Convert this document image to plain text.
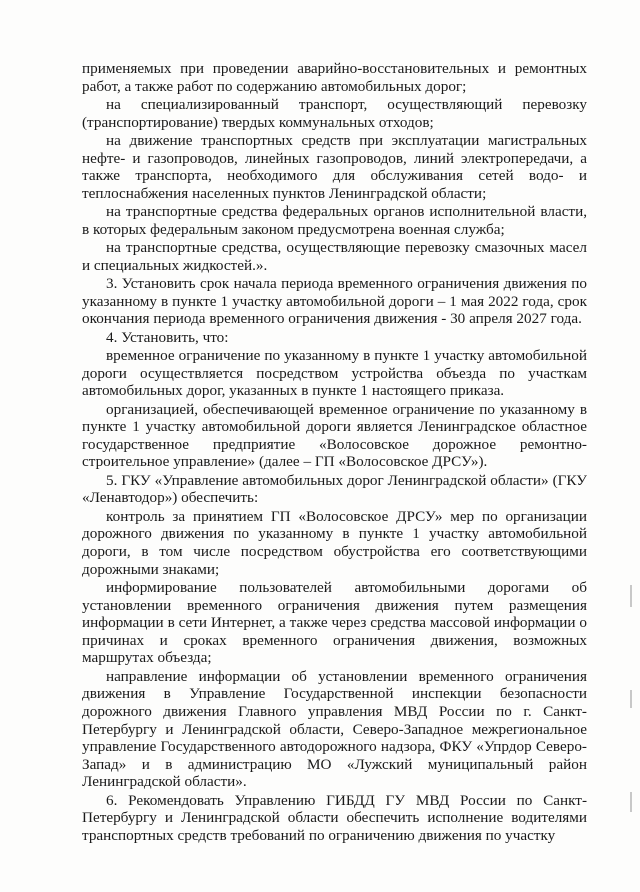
применяемых при проведении аварийно-восстановительных и ремонтных работ, а также работ по содержанию автомобильных дорог;

на специализированный транспорт, осуществляющий перевозку (транспортирование) твердых коммунальных отходов;

на движение транспортных средств при эксплуатации магистральных нефте- и газопроводов, линейных газопроводов, линий электропередачи, а также транспорта, необходимого для обслуживания сетей водо- и теплоснабжения населенных пунктов Ленинградской области;

на транспортные средства федеральных органов исполнительной власти, в которых федеральным законом предусмотрена военная служба;

на транспортные средства, осуществляющие перевозку смазочных масел и специальных жидкостей.».

3. Установить срок начала периода временного ограничения движения по указанному в пункте 1 участку автомобильной дороги – 1 мая 2022 года, срок окончания периода временного ограничения движения - 30 апреля 2027 года.

4. Установить, что:

временное ограничение по указанному в пункте 1 участку автомобильной дороги осуществляется посредством устройства объезда по участкам автомобильных дорог, указанных в пункте 1 настоящего приказа.

организацией, обеспечивающей временное ограничение по указанному в пункте 1 участку автомобильной дороги является Ленинградское областное государственное предприятие «Волосовское дорожное ремонтно-строительное управление» (далее – ГП «Волосовское ДРСУ»).

5. ГКУ «Управление автомобильных дорог Ленинградской области» (ГКУ «Ленавтодор») обеспечить:

контроль за принятием ГП «Волосовское ДРСУ» мер по организации дорожного движения по указанному в пункте 1 участку автомобильной дороги, в том числе посредством обустройства его соответствующими дорожными знаками;

информирование пользователей автомобильными дорогами об установлении временного ограничения движения путем размещения информации в сети Интернет, а также через средства массовой информации о причинах и сроках временного ограничения движения, возможных маршрутах объезда;

направление информации об установлении временного ограничения движения в Управление Государственной инспекции безопасности дорожного движения Главного управления МВД России по г. Санкт-Петербургу и Ленинградской области, Северо-Западное межрегиональное управление Государственного автодорожного надзора, ФКУ «Упрдор Северо-Запад» и в администрацию МО «Лужский муниципальный район Ленинградской области».

6. Рекомендовать Управлению ГИБДД ГУ МВД России по Санкт-Петербургу и Ленинградской области обеспечить исполнение водителями транспортных средств требований по ограничению движения по участку
